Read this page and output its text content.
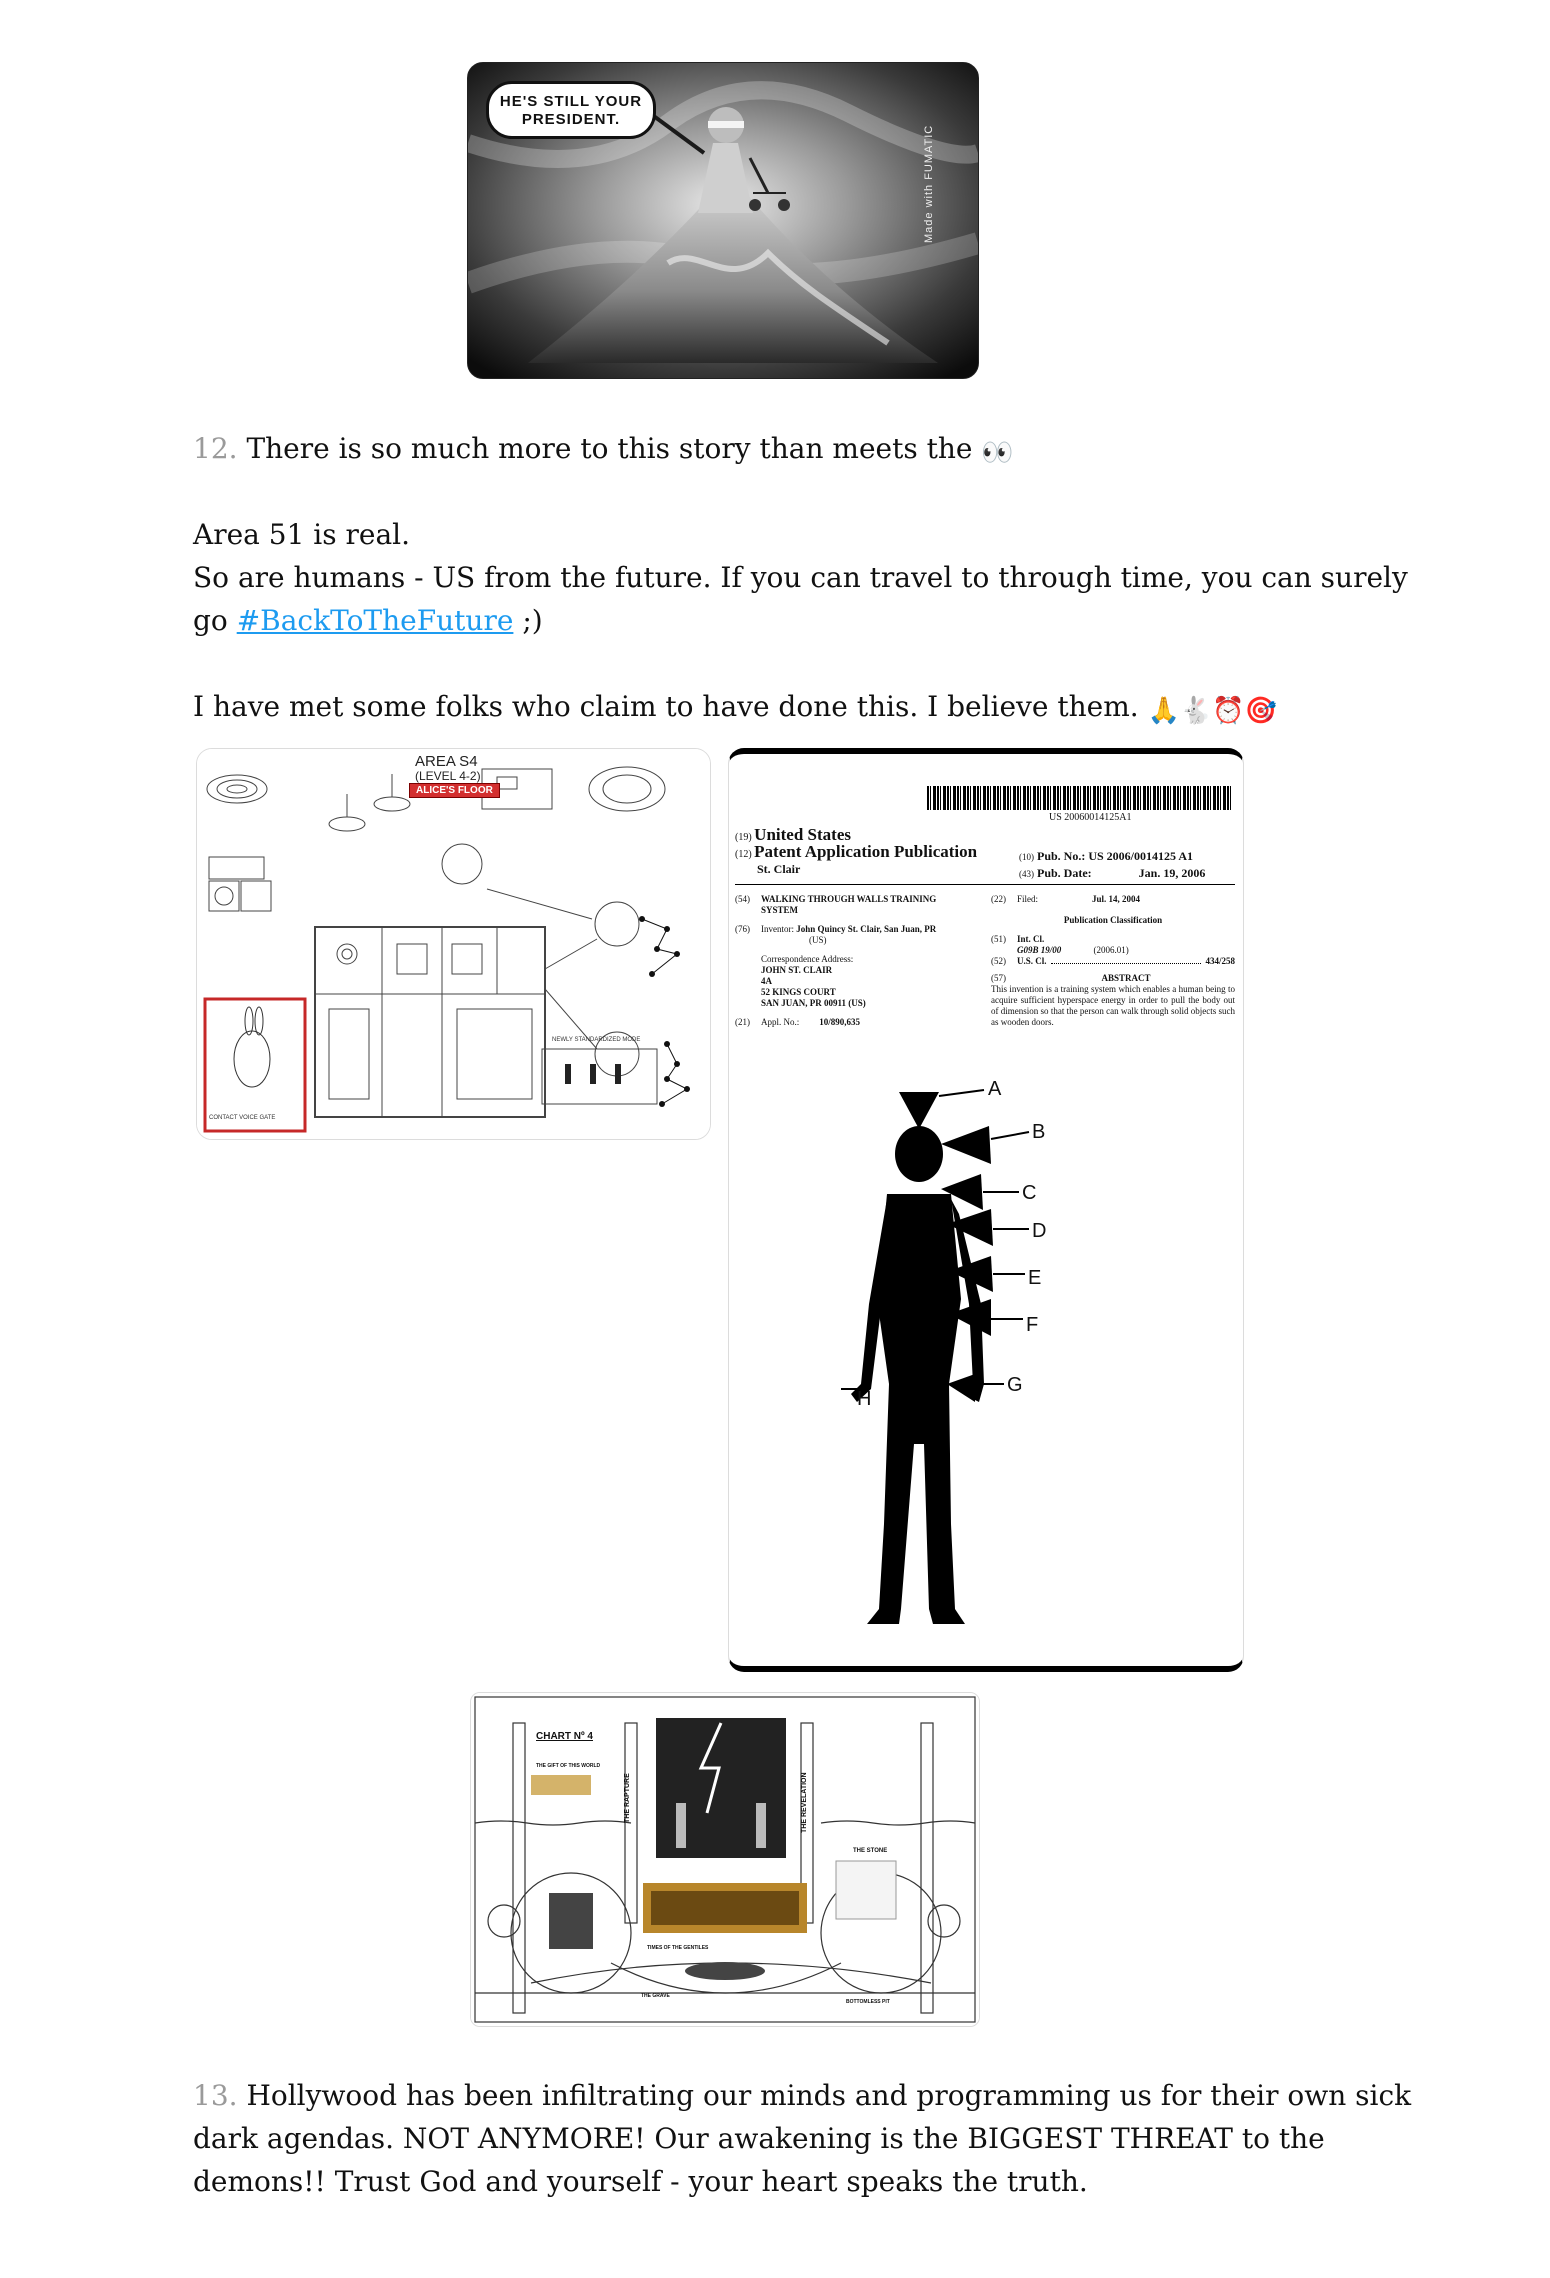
HE'S STILL YOUR
PRESIDENT.
Made with FUMATIC
12. There is so much more to this story than meets the 👀
Area 51 is real.
So are humans - US from the future. If you can travel to through time, you can surely
go #BackToTheFuture ;)
I have met some folks who claim to have done this. I believe them. 🙏🐇⏰🎯
AREA S4
(LEVEL 4-2)
ALICE'S FLOOR
NEWLY STANDARDIZED MODE
CONTACT VOICE GATE
US 20060014125A1
(19) United States
(12) Patent Application Publication
St. Clair
(10) Pub. No.: US 2006/0014125 A1
(43) Pub. Date:	Jan. 19, 2006
(54)	WALKING THROUGH WALLS TRAINING
SYSTEM
(76)	Inventor: John Quincy St. Clair, San Juan, PR
(US)
Correspondence Address:
JOHN ST. CLAIR
4A
52 KINGS COURT
SAN JUAN, PR 00911 (US)
(21)	Appl. No.: 10/890,635
(22)	Filed:	Jul. 14, 2004
Publication Classification
(51)	Int. Cl.
G09B 19/00	(2006.01)
(52)	U.S. Cl.	434/258
(57)	ABSTRACT
This invention is a training system which enables a human being to acquire sufficient hyperspace energy in order to pull the body out of dimension so that the person can walk through solid objects such as wooden doors.
A
B
C
D
E
F
G
H
CHART Nº 4
THE GIFT OF THIS WORLD
THE RAPTURE	THE REVELATION
THE STONE
TIMES OF THE GENTILES
THE GRAVE
BOTTOMLESS PIT
13. Hollywood has been infiltrating our minds and programming us for their own sick
dark agendas. NOT ANYMORE! Our awakening is the BIGGEST THREAT to the
demons!! Trust God and yourself - your heart speaks the truth.
